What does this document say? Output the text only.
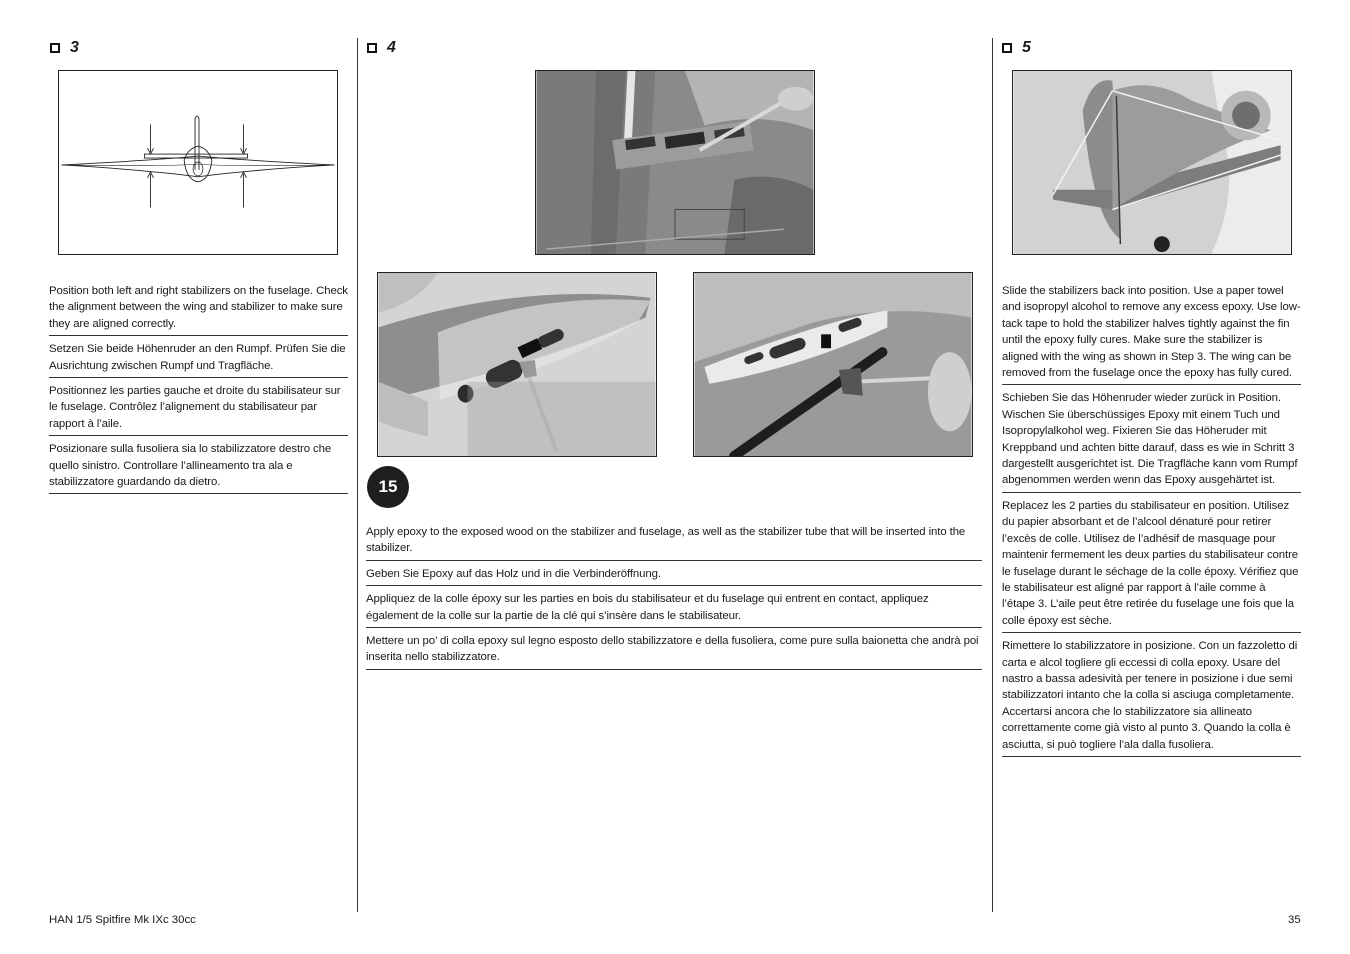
3

Position both left and right stabilizers on the fuselage. Check the alignment between the wing and stabilizer to make sure they are aligned correctly.

Setzen Sie beide Höhenruder an den Rumpf. Prüfen Sie die Ausrichtung zwischen Rumpf und Tragfläche.

Positionnez les parties gauche et droite du stabilisateur sur le fuselage. Contrôlez l’alignement du stabilisateur par rapport à l’aile.

Posizionare sulla fusoliera sia lo stabilizzatore destro che quello sinistro. Controllare l’allineamento tra ala e stabilizzatore guardando da dietro.

4
15

Apply epoxy to the exposed wood on the stabilizer and fuselage, as well as the stabilizer tube that will be inserted into the stabilizer.

Geben Sie Epoxy auf das Holz und in die Verbinderöffnung.

Appliquez de la colle époxy sur les parties en bois du stabilisateur et du fuselage qui entrent en contact, appliquez également de la colle sur la partie de la clé qui s’insère dans le stabilisateur.

Mettere un po’ di colla epoxy sul legno esposto dello stabilizzatore e della fusoliera, come pure sulla baionetta che andrà poi inserita nello stabilizzatore.

5

Slide the stabilizers back into position. Use a paper towel and isopropyl alcohol to remove any excess epoxy. Use low-tack tape to hold the stabilizer halves tightly against the fin until the epoxy fully cures. Make sure the stabilizer is aligned with the wing as shown in Step 3. The wing can be removed from the fuselage once the epoxy has fully cured.

Schieben Sie das Höhenruder wieder zurück in Position. Wischen Sie überschüssiges Epoxy mit einem Tuch und Isopropylalkohol weg. Fixieren Sie das Höheruder mit Kreppband und achten bitte darauf, dass es wie in Schritt 3 dargestellt ausgerichtet ist. Die Tragfläche kann vom Rumpf abgenommen werden wenn das Epoxy ausgehärtet ist.

Replacez les 2 parties du stabilisateur en position. Utilisez du papier absorbant et de l’alcool dénaturé pour retirer l’excès de colle. Utilisez de l’adhésif de masquage pour maintenir fermement les deux parties du stabilisateur contre le fuselage durant le séchage de la colle époxy. Vérifiez que le stabilisateur est aligné par rapport à l’aile comme à l’étape 3. L’aile peut être retirée du fuselage une fois que la colle époxy est sèche.

Rimettere lo stabilizzatore in posizione. Con un fazzoletto di carta e alcol togliere gli eccessi di colla epoxy. Usare del nastro a bassa adesività per tenere in posizione i due semi stabilizzatori intanto che la colla si asciuga completamente. Accertarsi ancora che lo stabilizzatore sia allineato correttamente come già visto al punto 3. Quando la colla è asciutta, si può togliere l’ala dalla fusoliera.

HAN 1/5 Spitfire Mk IXc 30cc	35
